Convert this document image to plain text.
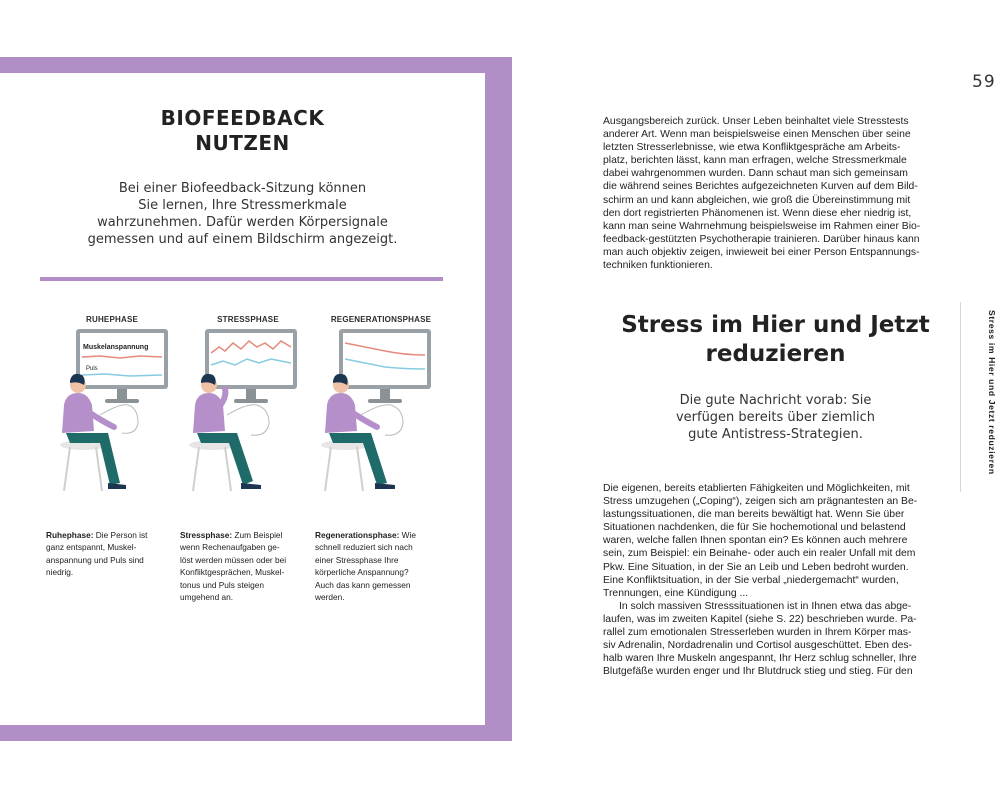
BIOFEEDBACK
NUTZEN
Bei einer Biofeedback-Sitzung können
Sie lernen, Ihre Stressmerkmale
wahrzunehmen. Dafür werden Körpersignale
gemessen und auf einem Bildschirm angezeigt.
RUHEPHASE	STRESSPHASE	REGENERATIONSPHASE
Muskelanspannung
Puls
Ruhephase: Die Person ist
ganz entspannt, Muskel-
anspannung und Puls sind
niedrig.
Stressphase: Zum Beispiel
wenn Rechenaufgaben ge-
löst werden müssen oder bei
Konfliktgesprächen, Muskel-
tonus und Puls steigen
umgehend an.
Regenerationsphase: Wie
schnell reduziert sich nach
einer Stressphase Ihre
körperliche Anspannung?
Auch das kann gemessen
werden.
59
Ausgangsbereich zurück. Unser Leben beinhaltet viele Stresstests
anderer Art. Wenn man beispielsweise einen Menschen über seine
letzten Stresserlebnisse, wie etwa Konfliktgespräche am Arbeits-
platz, berichten lässt, kann man erfragen, welche Stressmerkmale
dabei wahrgenommen wurden. Dann schaut man sich gemeinsam
die während seines Berichtes aufgezeichneten Kurven auf dem Bild-
schirm an und kann abgleichen, wie groß die Übereinstimmung mit
den dort registrierten Phänomenen ist. Wenn diese eher niedrig ist,
kann man seine Wahrnehmung beispielsweise im Rahmen einer Bio-
feedback-gestützten Psychotherapie trainieren. Darüber hinaus kann
man auch objektiv zeigen, inwieweit bei einer Person Entspannungs-
techniken funktionieren.
Stress im Hier und Jetzt
reduzieren
Die gute Nachricht vorab: Sie
verfügen bereits über ziemlich
gute Antistress-Strategien.
Die eigenen, bereits etablierten Fähigkeiten und Möglichkeiten, mit
Stress umzugehen („Coping“), zeigen sich am prägnantesten an Be-
lastungssituationen, die man bereits bewältigt hat. Wenn Sie über
Situationen nachdenken, die für Sie hochemotional und belastend
waren, welche fallen Ihnen spontan ein? Es können auch mehrere
sein, zum Beispiel: ein Beinahe- oder auch ein realer Unfall mit dem
Pkw. Eine Situation, in der Sie an Leib und Leben bedroht wurden.
Eine Konfliktsituation, in der Sie verbal „niedergemacht“ wurden,
Trennungen, eine Kündigung ...
In solch massiven Stresssituationen ist in Ihnen etwa das abge-
laufen, was im zweiten Kapitel (siehe S. 22) beschrieben wurde. Pa-
rallel zum emotionalen Stresserleben wurden in Ihrem Körper mas-
siv Adrenalin, Nordadrenalin und Cortisol ausgeschüttet. Eben des-
halb waren Ihre Muskeln angespannt, Ihr Herz schlug schneller, Ihre
Blutgefäße wurden enger und Ihr Blutdruck stieg und stieg. Für den
Stress im Hier und Jetzt reduzieren
